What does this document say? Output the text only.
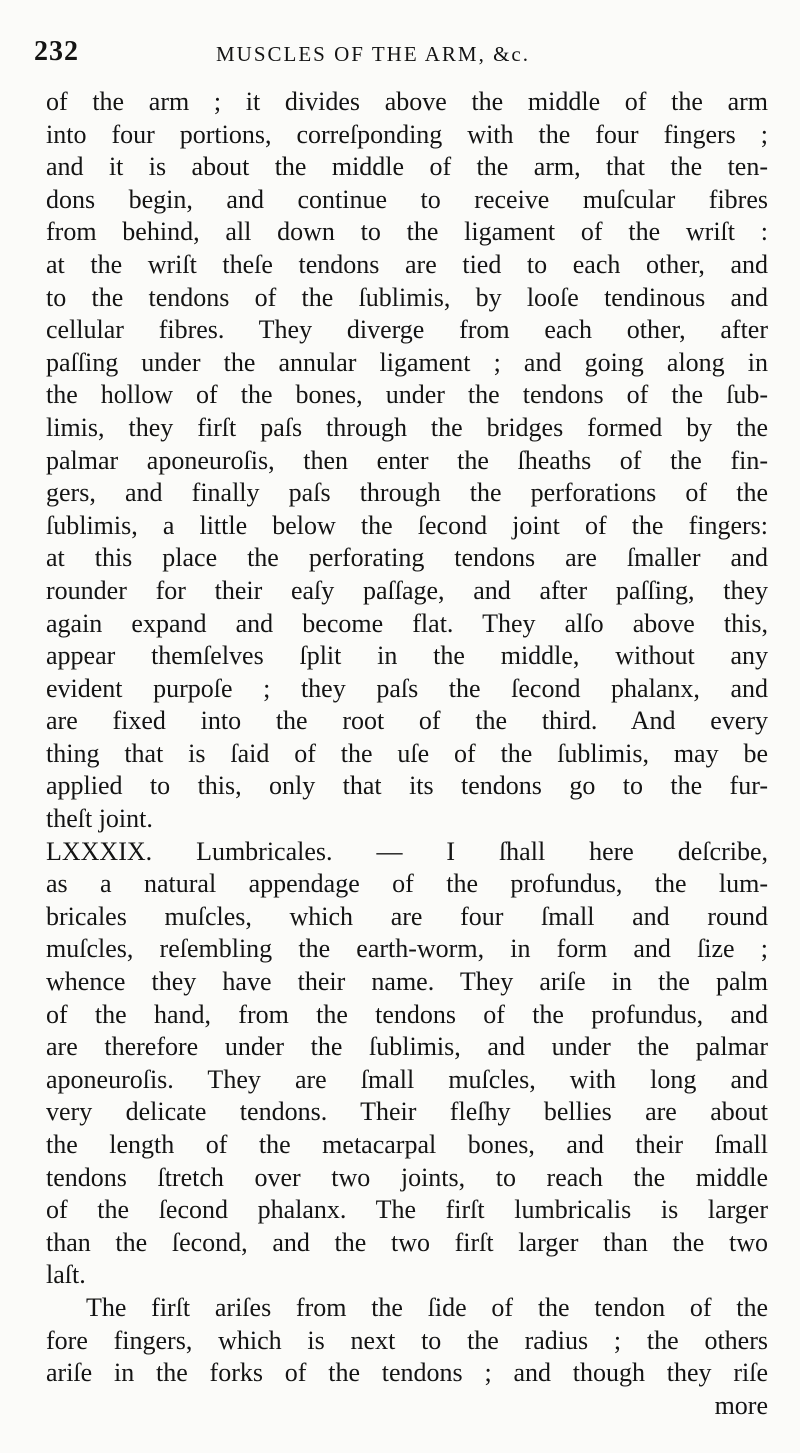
232	MUSCLES OF THE ARM, &c.
of the arm ; it divides above the middle of the arm
into four portions, correſponding with the four fingers ;
and it is about the middle of the arm, that the ten-
dons begin, and continue to receive muſcular fibres
from behind, all down to the ligament of the wriſt :
at the wriſt theſe tendons are tied to each other, and
to the tendons of the ſublimis, by looſe tendinous and
cellular fibres. They diverge from each other, after
paſſing under the annular ligament ; and going along in
the hollow of the bones, under the tendons of the ſub-
limis, they firſt paſs through the bridges formed by the
palmar aponeuroſis, then enter the ſheaths of the fin-
gers, and finally paſs through the perforations of the
ſublimis, a little below the ſecond joint of the fingers:
at this place the perforating tendons are ſmaller and
rounder for their eaſy paſſage, and after paſſing, they
again expand and become flat. They alſo above this,
appear themſelves ſplit in the middle, without any
evident purpoſe ; they paſs the ſecond phalanx, and
are fixed into the root of the third. And every
thing that is ſaid of the uſe of the ſublimis, may be
applied to this, only that its tendons go to the fur-
theſt joint.
LXXXIX. Lumbricales. — I ſhall here deſcribe,
as a natural appendage of the profundus, the lum-
bricales muſcles, which are four ſmall and round
muſcles, reſembling the earth-worm, in form and ſize ;
whence they have their name. They ariſe in the palm
of the hand, from the tendons of the profundus, and
are therefore under the ſublimis, and under the palmar
aponeuroſis. They are ſmall muſcles, with long and
very delicate tendons. Their fleſhy bellies are about
the length of the metacarpal bones, and their ſmall
tendons ſtretch over two joints, to reach the middle
of the ſecond phalanx. The firſt lumbricalis is larger
than the ſecond, and the two firſt larger than the two
laſt.
The firſt ariſes from the ſide of the tendon of the
fore fingers, which is next to the radius ; the others
ariſe in the forks of the tendons ; and though they riſe
more
